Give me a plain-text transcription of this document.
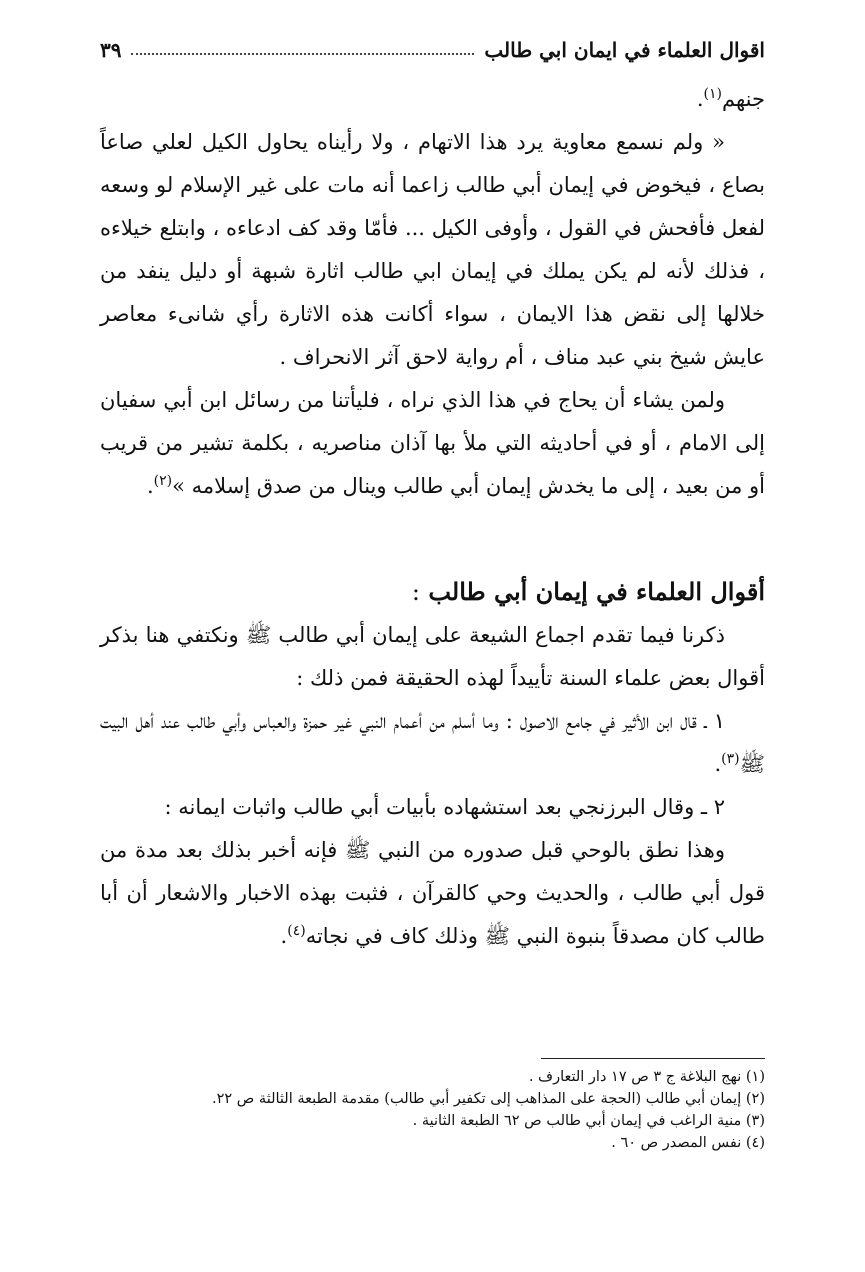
اقوال العلماء في ايمان ابي طالب
٣٩

جنهم$^{(١)}$.

« ولم نسمع معاوية يرد هذا الاتهام ، ولا رأيناه يحاول الكيل لعلي صاعاً بصاع ، فيخوض في إيمان أبي طالب زاعما أنه مات على غير الإسلام لو وسعه لفعل فأفحش في القول ، وأوفى الكيل ... فأمّا وقد كف ادعاءه ، وابتلع خيلاءه ، فذلك لأنه لم يكن يملك في إيمان ابي طالب اثارة شبهة أو دليل ينفد من خلالها إلى نقض هذا الايمان ، سواء أكانت هذه الاثارة رأي شانىء معاصر عايش شيخ بني عبد مناف ، أم رواية لاحق آثر الانحراف .

ولمن يشاء أن يحاج في هذا الذي نراه ، فليأتنا من رسائل ابن أبي سفيان إلى الامام ، أو في أحاديثه التي ملأ بها آذان مناصريه ، بكلمة تشير من قريب أو من بعيد ، إلى ما يخدش إيمان أبي طالب وينال من صدق إسلامه »$^{(٢)}$.

أقوال العلماء في إيمان أبي طالب :

ذكرنا فيما تقدم اجماع الشيعة على إيمان أبي طالب ﷺ ونكتفي هنا بذكر أقوال بعض علماء السنة تأييداً لهذه الحقيقة فمن ذلك :

١ ـ قال ابن الأثير في جامع الاصول : وما أسلم من أعمام النبي غير حمزة والعباس وأبي طالب عند أهل البيت ﷺ$^{(٣)}$.

٢ ـ وقال البرزنجي بعد استشهاده بأبيات أبي طالب واثبات ايمانه :

وهذا نطق بالوحي قبل صدوره من النبي ﷺ فإنه أخبر بذلك بعد مدة من قول أبي طالب ، والحديث وحي كالقرآن ، فثبت بهذه الاخبار والاشعار أن أبا طالب كان مصدقاً بنبوة النبي ﷺ وذلك كاف في نجاته$^{(٤)}$.

(١) نهج البلاغة ج ٣ ص ١٧ دار التعارف .
(٢) إيمان أبي طالب (الحجة على المذاهب إلى تكفير أبي طالب) مقدمة الطبعة الثالثة ص ٢٢.
(٣) منية الراغب في إيمان أبي طالب ص ٦٢ الطبعة الثانية .
(٤) نفس المصدر ص ٦٠ .
